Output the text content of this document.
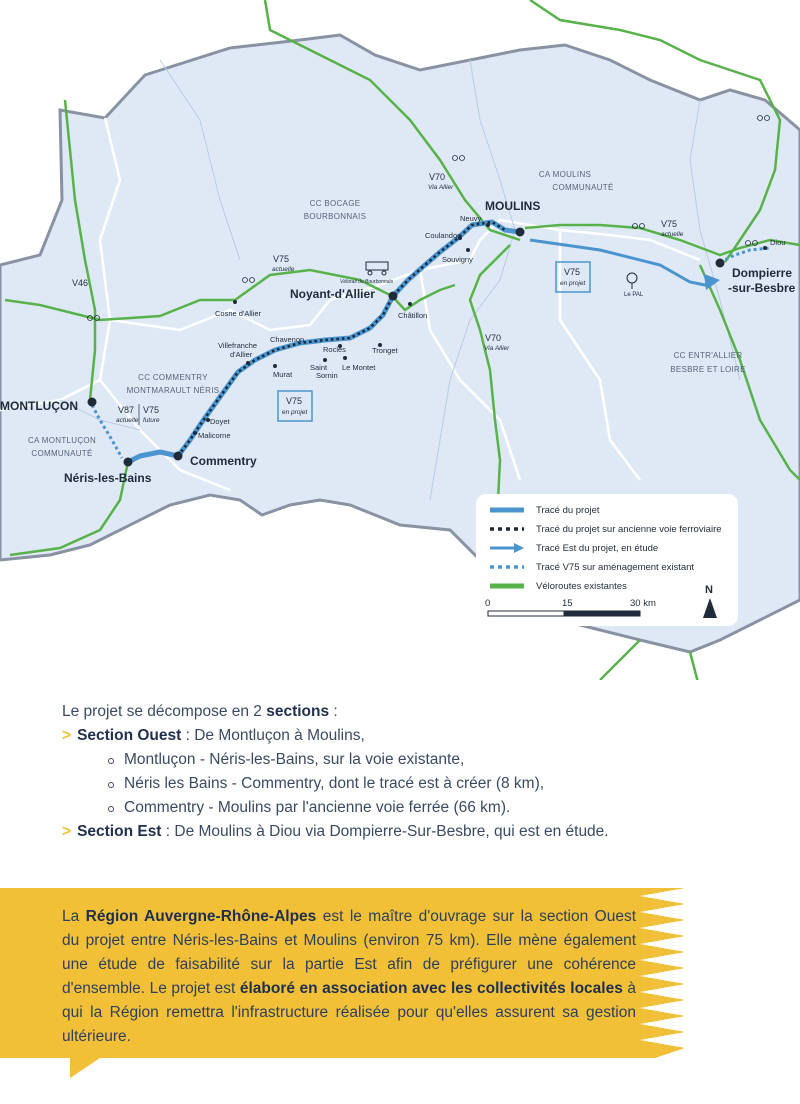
MOULINS
Noyant-d'Allier
MONTLUÇON
Néris-les-Bains
Commentry
Dompierre
-sur-Besbre
Diou
Neuvy
Coulandon
Souvigny
Châtillon
Cosne d'Allier
Chavenon
Villefranche
d'Allier
Murat
Rocles	Tronget
Saint
Sornin
Le Montet
Doyet
Malicorne
Vélorail du Bourbonnais
Le PAL
CA MOULINS
COMMUNAUTÉ
CC BOCAGE
BOURBONNAIS
CC COMMENTRY
MONTMARAULT NÉRIS
CA MONTLUÇON
COMMUNAUTÉ
CC ENTR'ALLIER
BESBRE ET LOIRE
V70
Via Allier
V75
actuelle
V75
actuelle
V46
V87
actuelle
V75
future
V70
Via Allier
V75
en projet
V75
en projet
Tracé du projet
Tracé du projet sur ancienne voie ferroviaire
Tracé Est du projet, en étude
Tracé V75 sur aménagement existant
Véloroutes existantes
0	15	30 km
N

Le projet se décompose en 2 sections :

> Section Ouest : De Montluçon à Moulins,

Montluçon - Néris-les-Bains, sur la voie existante,
Néris les Bains - Commentry, dont le tracé est à créer (8 km),
Commentry - Moulins par l'ancienne voie ferrée (66 km).

> Section Est : De Moulins à Diou via Dompierre-Sur-Besbre, qui est en étude.

La Région Auvergne-Rhône-Alpes est le maître d'ouvrage sur la section Ouest du projet entre Néris-les-Bains et Moulins (environ 75 km). Elle mène également une étude de faisabilité sur la partie Est afin de préfigurer une cohérence d'ensemble. Le projet est élaboré en association avec les collectivités locales à qui la Région remettra l'infrastructure réalisée pour qu'elles assurent sa gestion ultérieure.
